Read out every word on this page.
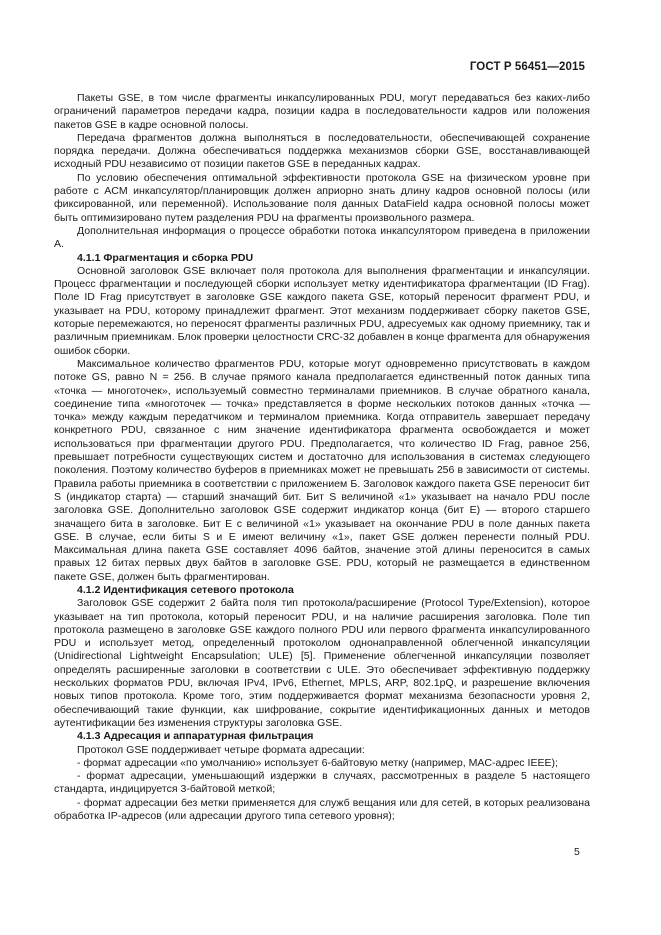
ГОСТ Р 56451—2015

Пакеты GSE, в том числе фрагменты инкапсулированных PDU, могут передаваться без каких-либо ограничений параметров передачи кадра, позиции кадра в последовательности кадров или положения пакетов GSE в кадре основной полосы.

Передача фрагментов должна выполняться в последовательности, обеспечивающей сохранение порядка передачи. Должна обеспечиваться поддержка механизмов сборки GSE, восстанавливающей исходный PDU независимо от позиции пакетов GSE в переданных кадрах.

По условию обеспечения оптимальной эффективности протокола GSE на физическом уровне при работе с ACM инкапсулятор/планировщик должен априорно знать длину кадров основной полосы (или фиксированной, или переменной). Использование поля данных DataField кадра основной полосы может быть оптимизировано путем разделения PDU на фрагменты произвольного размера.

Дополнительная информация о процессе обработки потока инкапсулятором приведена в приложении А.

4.1.1 Фрагментация и сборка PDU

Основной заголовок GSE включает поля протокола для выполнения фрагментации и инкапсуляции. Процесс фрагментации и последующей сборки использует метку идентификатора фрагментации (ID Frag). Поле ID Frag присутствует в заголовке GSE каждого пакета GSE, который переносит фрагмент PDU, и указывает на PDU, которому принадлежит фрагмент. Этот механизм поддерживает сборку пакетов GSE, которые перемежаются, но переносят фрагменты различных PDU, адресуемых как одному приемнику, так и различным приемникам. Блок проверки целостности CRC-32 добавлен в конце фрагмента для обнаружения ошибок сборки.

Максимальное количество фрагментов PDU, которые могут одновременно присутствовать в каждом потоке GS, равно N = 256. В случае прямого канала предполагается единственный поток данных типа «точка — многоточек», используемый совместно терминалами приемников. В случае обратного канала, соединение типа «многоточек — точка» представляется в форме нескольких потоков данных «точка — точка» между каждым передатчиком и терминалом приемника. Когда отправитель завершает передачу конкретного PDU, связанное с ним значение идентификатора фрагмента освобождается и может использоваться при фрагментации другого PDU. Предполагается, что количество ID Frag, равное 256, превышает потребности существующих систем и достаточно для использования в системах следующего поколения. Поэтому количество буферов в приемниках может не превышать 256 в зависимости от системы. Правила работы приемника в соответствии с приложением Б. Заголовок каждого пакета GSE переносит бит S (индикатор старта) — старший значащий бит. Бит S величиной «1» указывает на начало PDU после заголовка GSE. Дополнительно заголовок GSE содержит индикатор конца (бит E) — второго старшего значащего бита в заголовке. Бит E с величиной «1» указывает на окончание PDU в поле данных пакета GSE. В случае, если биты S и E имеют величину «1», пакет GSE должен перенести полный PDU. Максимальная длина пакета GSE составляет 4096 байтов, значение этой длины переносится в самых правых 12 битах первых двух байтов в заголовке GSE. PDU, который не размещается в единственном пакете GSE, должен быть фрагментирован.

4.1.2 Идентификация сетевого протокола

Заголовок GSE содержит 2 байта поля тип протокола/расширение (Protocol Type/Extension), которое указывает на тип протокола, который переносит PDU, и на наличие расширения заголовка. Поле тип протокола размещено в заголовке GSE каждого полного PDU или первого фрагмента инкапсулированного PDU и использует метод, определенный протоколом однонаправленной облегченной инкапсуляции (Unidirectional Lightweight Encapsulation; ULE) [5]. Применение облегченной инкапсуляции позволяет определять расширенные заголовки в соответствии с ULE. Это обеспечивает эффективную поддержку нескольких форматов PDU, включая IPv4, IPv6, Ethernet, MPLS, ARP, 802.1pQ, и разрешение включения новых типов протокола. Кроме того, этим поддерживается формат механизма безопасности уровня 2, обеспечивающий такие функции, как шифрование, сокрытие идентификационных данных и методов аутентификации без изменения структуры заголовка GSE.

4.1.3 Адресация и аппаратурная фильтрация

Протокол GSE поддерживает четыре формата адресации:

- формат адресации «по умолчанию» использует 6-байтовую метку (например, MAC-адрес IEEE);

- формат адресации, уменьшающий издержки в случаях, рассмотренных в разделе 5 настоящего стандарта, индицируется 3-байтовой меткой;

- формат адресации без метки применяется для служб вещания или для сетей, в которых реализована обработка IP-адресов (или адресации другого типа сетевого уровня);

5
